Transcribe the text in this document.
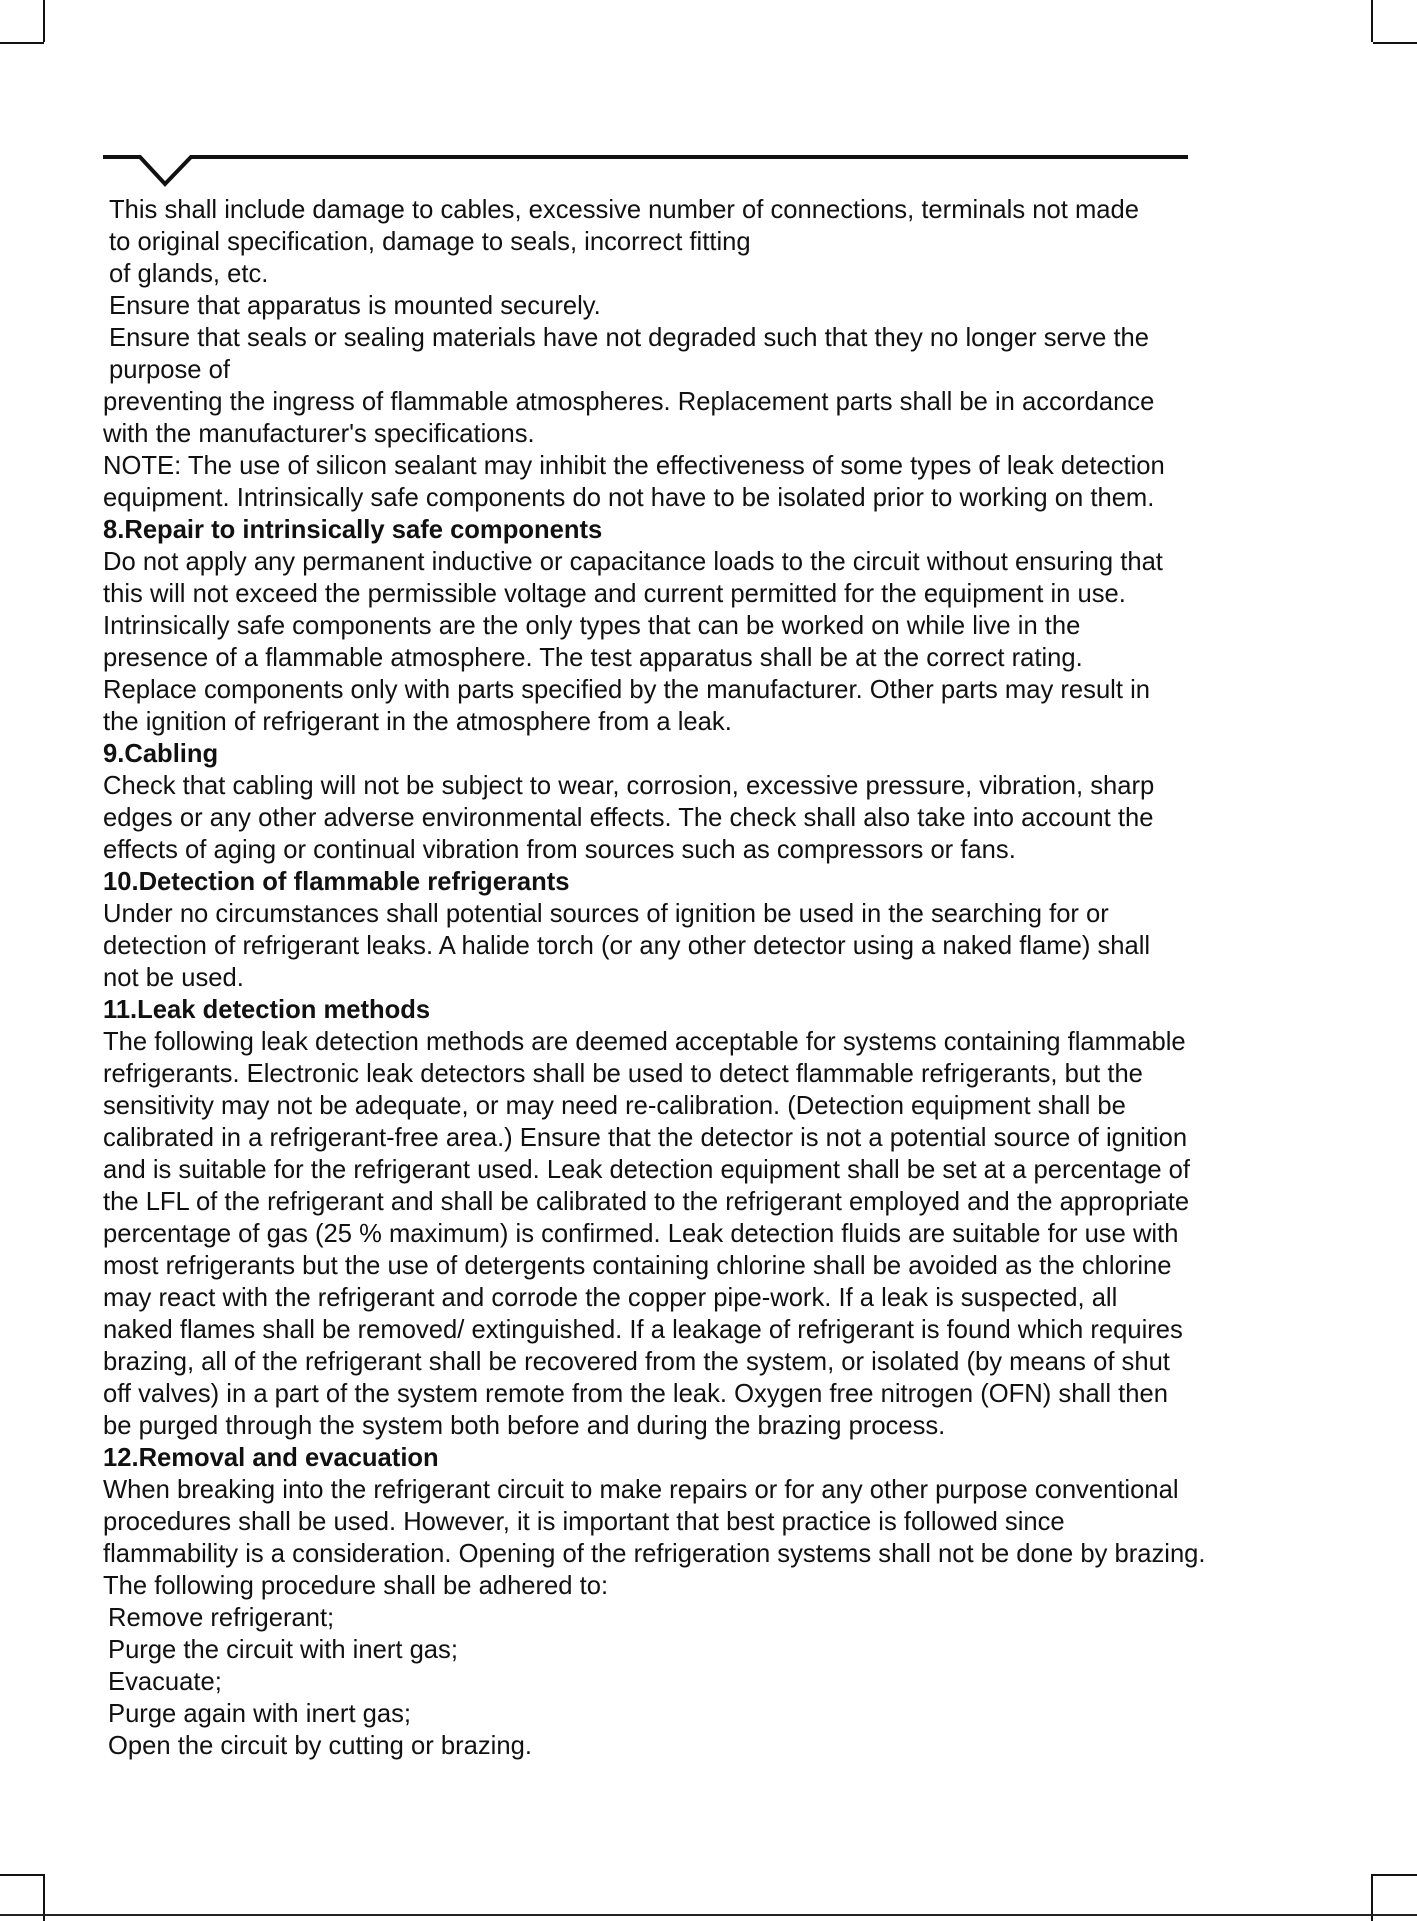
This shall include damage to cables, excessive number of connections, terminals not made

to original specification, damage to seals, incorrect fitting

of glands, etc.

Ensure that apparatus is mounted securely.

Ensure that seals or sealing materials have not degraded such that they no longer serve the

purpose of

preventing the ingress of flammable atmospheres. Replacement parts shall be in accordance

with the manufacturer's specifications.

NOTE: The use of silicon sealant may inhibit the effectiveness of some types of leak detection

equipment. Intrinsically safe components do not have to be isolated prior to working on them.

8.Repair to intrinsically safe components

Do not apply any permanent inductive or capacitance loads to the circuit without ensuring that

this will not exceed the permissible voltage and current permitted for the equipment in use.

Intrinsically safe components are the only types that can be worked on while live in the

presence of a flammable atmosphere. The test apparatus shall be at the correct rating.

Replace components only with parts specified by the manufacturer. Other parts may result in

the ignition of refrigerant in the atmosphere from a leak.

9.Cabling

Check that cabling will not be subject to wear, corrosion, excessive pressure, vibration, sharp

edges or any other adverse environmental effects. The check shall also take into account the

effects of aging or continual vibration from sources such as compressors or fans.

10.Detection of flammable refrigerants

Under no circumstances shall potential sources of ignition be used in the searching for or

detection of refrigerant leaks. A halide torch (or any other detector using a naked flame) shall

not be used.

11.Leak detection methods

The following leak detection methods are deemed acceptable for systems containing flammable

refrigerants. Electronic leak detectors shall be used to detect flammable refrigerants, but the

sensitivity may not be adequate, or may need re-calibration. (Detection equipment shall be

calibrated in a refrigerant-free area.) Ensure that the detector is not a potential source of ignition

and is suitable for the refrigerant used. Leak detection equipment shall be set at a percentage of

the LFL of the refrigerant and shall be calibrated to the refrigerant employed and the appropriate

percentage of gas (25 % maximum) is confirmed. Leak detection fluids are suitable for use with

most refrigerants but the use of detergents containing chlorine shall be avoided as the chlorine

may react with the refrigerant and corrode the copper pipe-work. If a leak is suspected, all

naked flames shall be removed/ extinguished. If a leakage of refrigerant is found which requires

brazing, all of the refrigerant shall be recovered from the system, or isolated (by means of shut

off valves) in a part of the system remote from the leak. Oxygen free nitrogen (OFN) shall then

be purged through the system both before and during the brazing process.

12.Removal and evacuation

When breaking into the refrigerant circuit to make repairs or for any other purpose conventional

procedures shall be used. However, it is important that best practice is followed since

flammability is a consideration. Opening of the refrigeration systems shall not be done by brazing.

The following procedure shall be adhered to:

Remove refrigerant;

Purge the circuit with inert gas;

Evacuate;

Purge again with inert gas;

Open the circuit by cutting or brazing.
